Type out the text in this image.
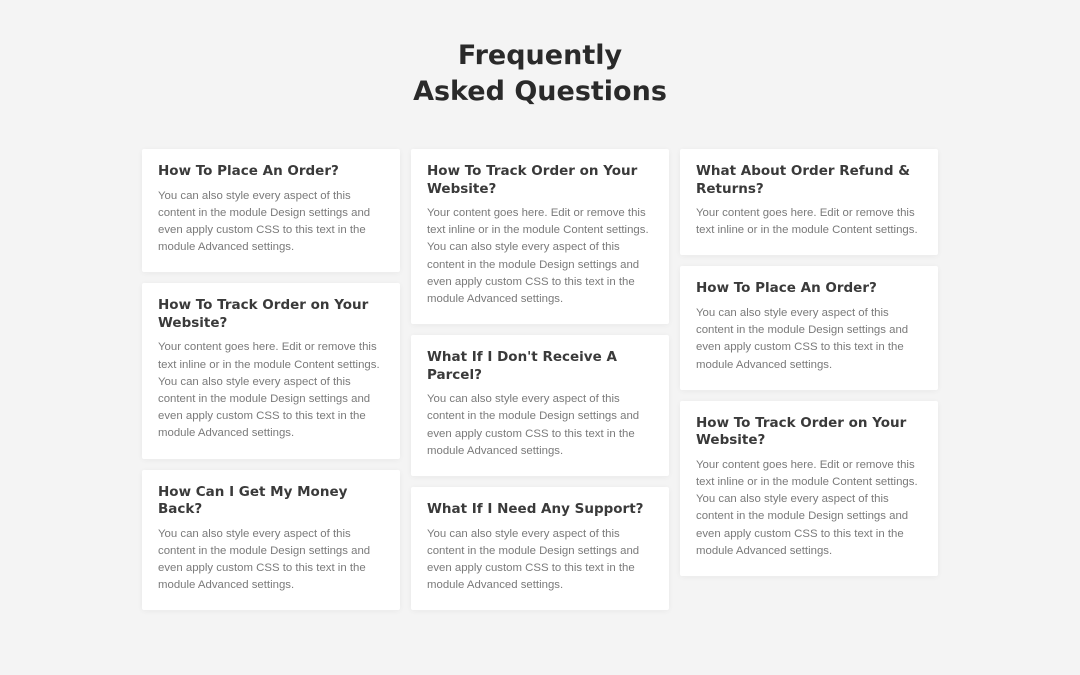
Frequently
Asked Questions
How To Place An Order?
You can also style every aspect of this content in the module Design settings and even apply custom CSS to this text in the module Advanced settings.
How To Track Order on Your Website?
Your content goes here. Edit or remove this text inline or in the module Content settings. You can also style every aspect of this content in the module Design settings and even apply custom CSS to this text in the module Advanced settings.
How Can I Get My Money Back?
You can also style every aspect of this content in the module Design settings and even apply custom CSS to this text in the module Advanced settings.
How To Track Order on Your Website?
Your content goes here. Edit or remove this text inline or in the module Content settings. You can also style every aspect of this content in the module Design settings and even apply custom CSS to this text in the module Advanced settings.
What If I Don't Receive A Parcel?
You can also style every aspect of this content in the module Design settings and even apply custom CSS to this text in the module Advanced settings.
What If I Need Any Support?
You can also style every aspect of this content in the module Design settings and even apply custom CSS to this text in the module Advanced settings.
What About Order Refund & Returns?
Your content goes here. Edit or remove this text inline or in the module Content settings.
How To Place An Order?
You can also style every aspect of this content in the module Design settings and even apply custom CSS to this text in the module Advanced settings.
How To Track Order on Your Website?
Your content goes here. Edit or remove this text inline or in the module Content settings. You can also style every aspect of this content in the module Design settings and even apply custom CSS to this text in the module Advanced settings.
